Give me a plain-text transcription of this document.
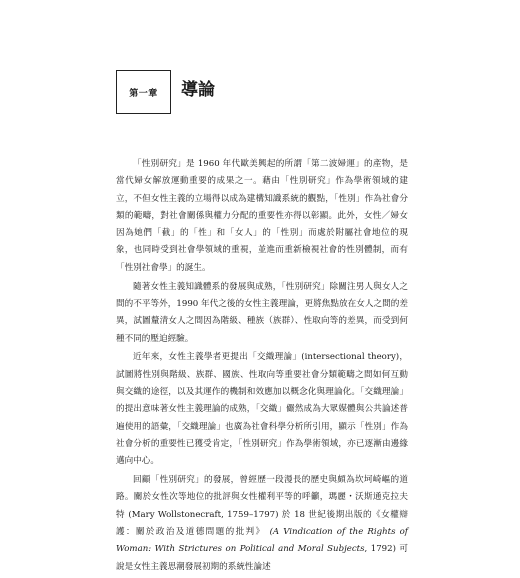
第一章 導論

「性別研究」是 1960 年代歐美興起的所謂「第二波婦運」的產物，是當代婦女解放運動重要的成果之一。藉由「性別研究」作為學術領域的建立，不但女性主義的立場得以成為建構知識系統的觀點，「性別」作為社會分類的範疇，對社會關係與權力分配的重要性亦得以彰顯。此外，女性／婦女因為她們「截」的「性」和「女人」的「性別」而處於附屬社會地位的現象，也同時受到社會學領域的重視，並進而重新檢視社會的性別體制，而有「性別社會學」的誕生。

隨著女性主義知識體系的發展與成熟，「性別研究」除關注男人與女人之間的不平等外，1990 年代之後的女性主義理論，更將焦點放在女人之間的差異，試圖釐清女人之間因為階級、種族（族群）、性取向等的差異，而受到何種不同的壓迫經驗。

近年來，女性主義學者更提出「交織理論」(intersectional theory)，試圖將性別與階級、族群、國族、性取向等重要社會分類範疇之間如何互動與交織的途徑，以及其運作的機制和效應加以概念化與理論化。「交織理論」的提出意味著女性主義理論的成熟，「交織」儼然成為大眾媒體與公共論述普遍使用的語彙，「交織理論」也廣為社會科學分析所引用，顯示「性別」作為社會分析的重要性已獲受肯定，「性別研究」作為學術領域，亦已逐漸由邊緣邁向中心。

回顧「性別研究」的發展，曾經歷一段漫長的歷史與頗為坎坷崎嶇的道路。關於女性次等地位的批評與女性權利平等的呼籲，瑪麗・沃斯通克拉夫特 (Mary Wollstonecraft, 1759–1797) 於 18 世紀後期出版的《女權辯護：關於政治及道德問題的批判》 (A Vindication of the Rights of Woman: With Strictures on Political and Moral Subjects, 1792) 可說是女性主義思潮發展初期的系統性論述
